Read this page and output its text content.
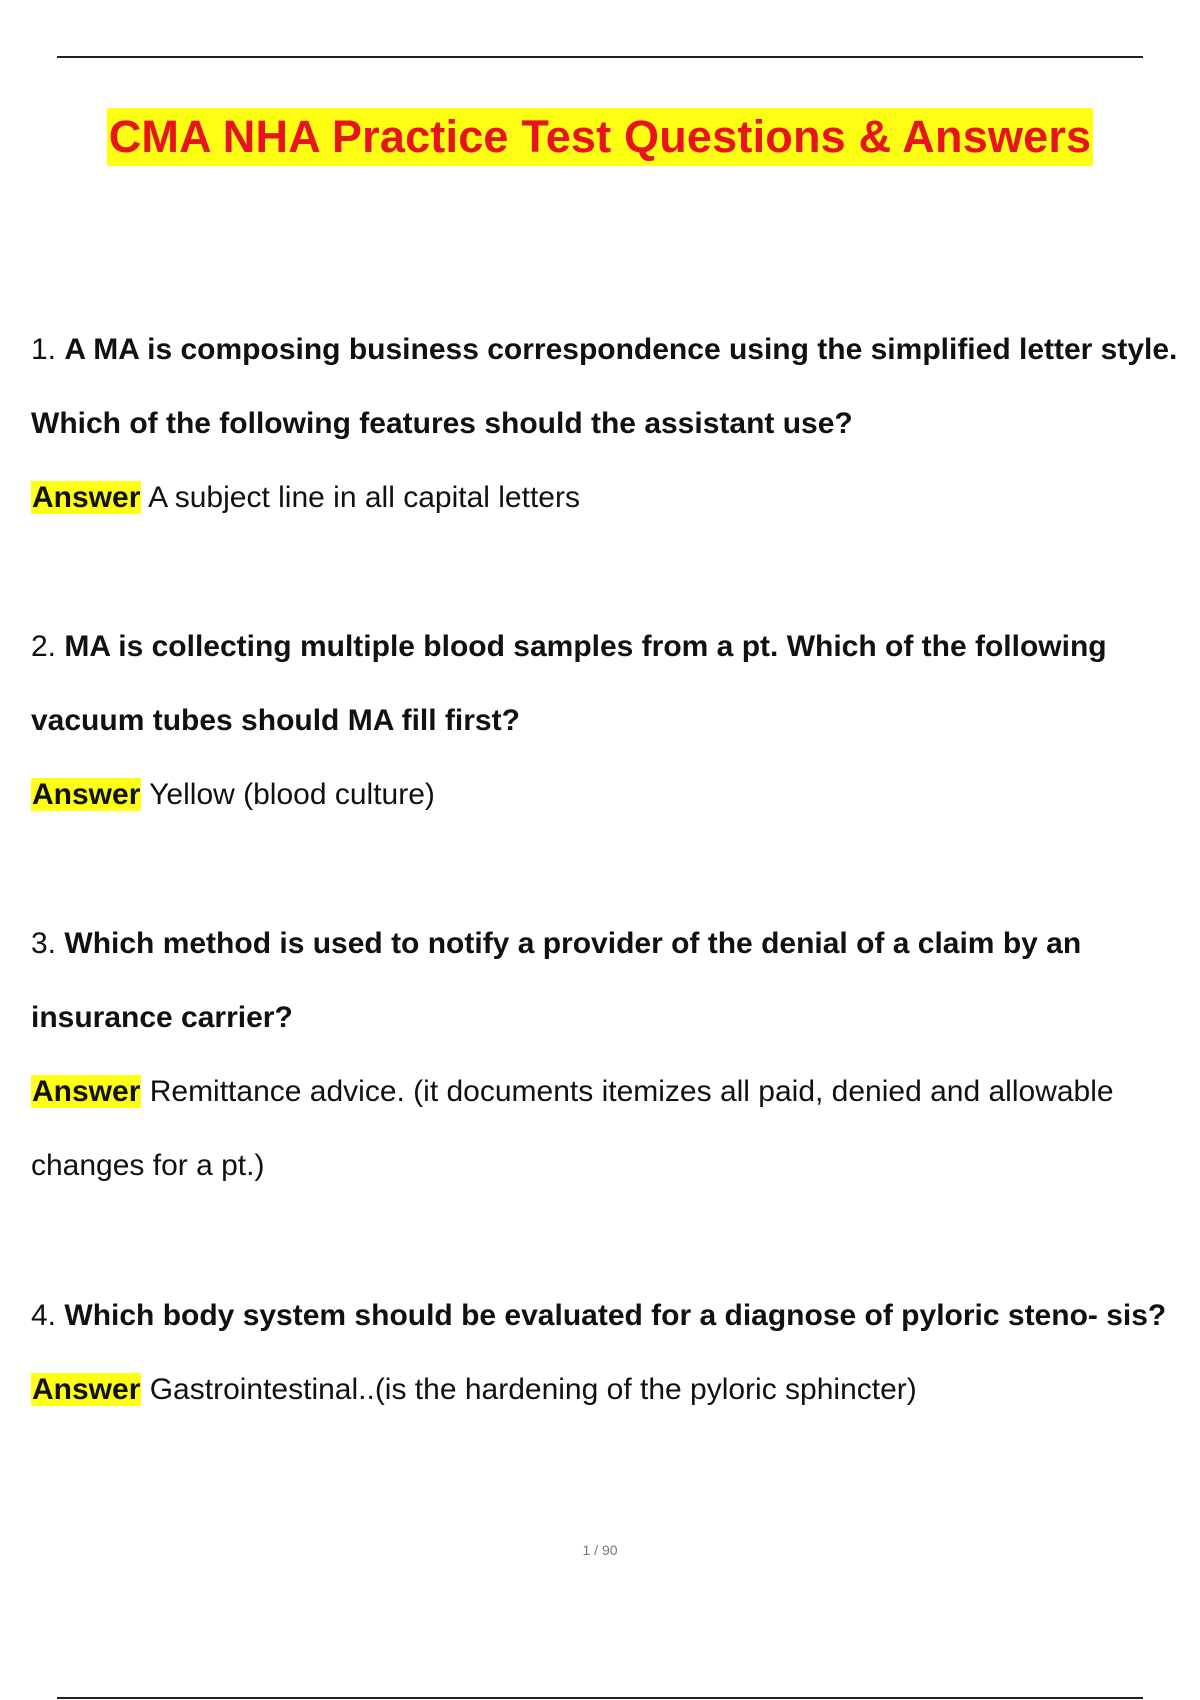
CMA NHA Practice Test Questions & Answers

1. A MA is composing business correspondence using the simplified letter style. Which of the following features should the assistant use?

Answer A subject line in all capital letters

2. MA is collecting multiple blood samples from a pt. Which of the following vacuum tubes should MA fill first?

Answer Yellow (blood culture)

3. Which method is used to notify a provider of the denial of a claim by an insurance carrier?

Answer Remittance advice. (it documents itemizes all paid, denied and allowable changes for a pt.)

4. Which body system should be evaluated for a diagnose of pyloric steno- sis?

Answer Gastrointestinal..(is the hardening of the pyloric sphincter)

1 / 90
